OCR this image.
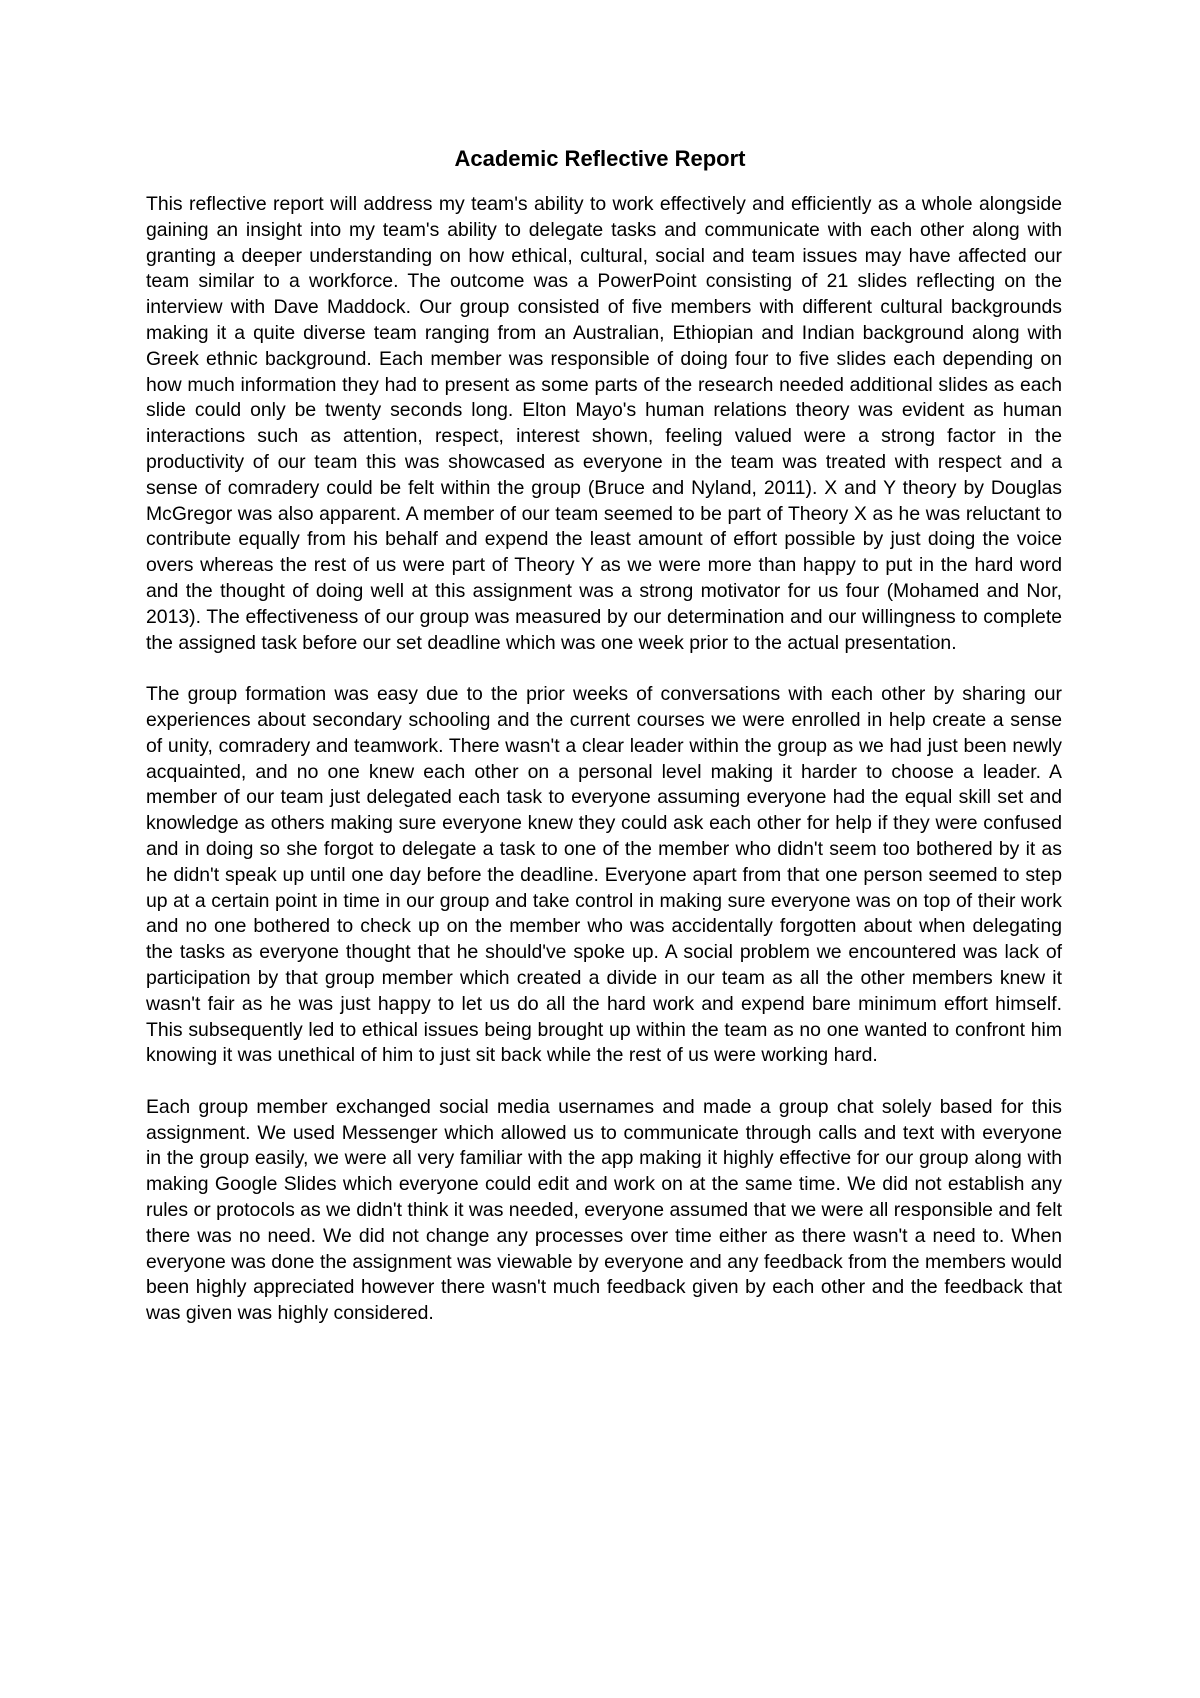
Academic Reflective Report

This reflective report will address my team's ability to work effectively and efficiently as a whole alongside gaining an insight into my team's ability to delegate tasks and communicate with each other along with granting a deeper understanding on how ethical, cultural, social and team issues may have affected our team similar to a workforce. The outcome was a PowerPoint consisting of 21 slides reflecting on the interview with Dave Maddock. Our group consisted of five members with different cultural backgrounds making it a quite diverse team ranging from an Australian, Ethiopian and Indian background along with Greek ethnic background. Each member was responsible of doing four to five slides each depending on how much information they had to present as some parts of the research needed additional slides as each slide could only be twenty seconds long. Elton Mayo's human relations theory was evident as human interactions such as attention, respect, interest shown, feeling valued were a strong factor in the productivity of our team this was showcased as everyone in the team was treated with respect and a sense of comradery could be felt within the group (Bruce and Nyland, 2011). X and Y theory by Douglas McGregor was also apparent. A member of our team seemed to be part of Theory X as he was reluctant to contribute equally from his behalf and expend the least amount of effort possible by just doing the voice overs whereas the rest of us were part of Theory Y as we were more than happy to put in the hard word and the thought of doing well at this assignment was a strong motivator for us four (Mohamed and Nor, 2013). The effectiveness of our group was measured by our determination and our willingness to complete the assigned task before our set deadline which was one week prior to the actual presentation.

The group formation was easy due to the prior weeks of conversations with each other by sharing our experiences about secondary schooling and the current courses we were enrolled in help create a sense of unity, comradery and teamwork. There wasn't a clear leader within the group as we had just been newly acquainted, and no one knew each other on a personal level making it harder to choose a leader. A member of our team just delegated each task to everyone assuming everyone had the equal skill set and knowledge as others making sure everyone knew they could ask each other for help if they were confused and in doing so she forgot to delegate a task to one of the member who didn't seem too bothered by it as he didn't speak up until one day before the deadline. Everyone apart from that one person seemed to step up at a certain point in time in our group and take control in making sure everyone was on top of their work and no one bothered to check up on the member who was accidentally forgotten about when delegating the tasks as everyone thought that he should've spoke up. A social problem we encountered was lack of participation by that group member which created a divide in our team as all the other members knew it wasn't fair as he was just happy to let us do all the hard work and expend bare minimum effort himself. This subsequently led to ethical issues being brought up within the team as no one wanted to confront him knowing it was unethical of him to just sit back while the rest of us were working hard.

Each group member exchanged social media usernames and made a group chat solely based for this assignment. We used Messenger which allowed us to communicate through calls and text with everyone in the group easily, we were all very familiar with the app making it highly effective for our group along with making Google Slides which everyone could edit and work on at the same time. We did not establish any rules or protocols as we didn't think it was needed, everyone assumed that we were all responsible and felt there was no need. We did not change any processes over time either as there wasn't a need to. When everyone was done the assignment was viewable by everyone and any feedback from the members would been highly appreciated however there wasn't much feedback given by each other and the feedback that was given was highly considered.
